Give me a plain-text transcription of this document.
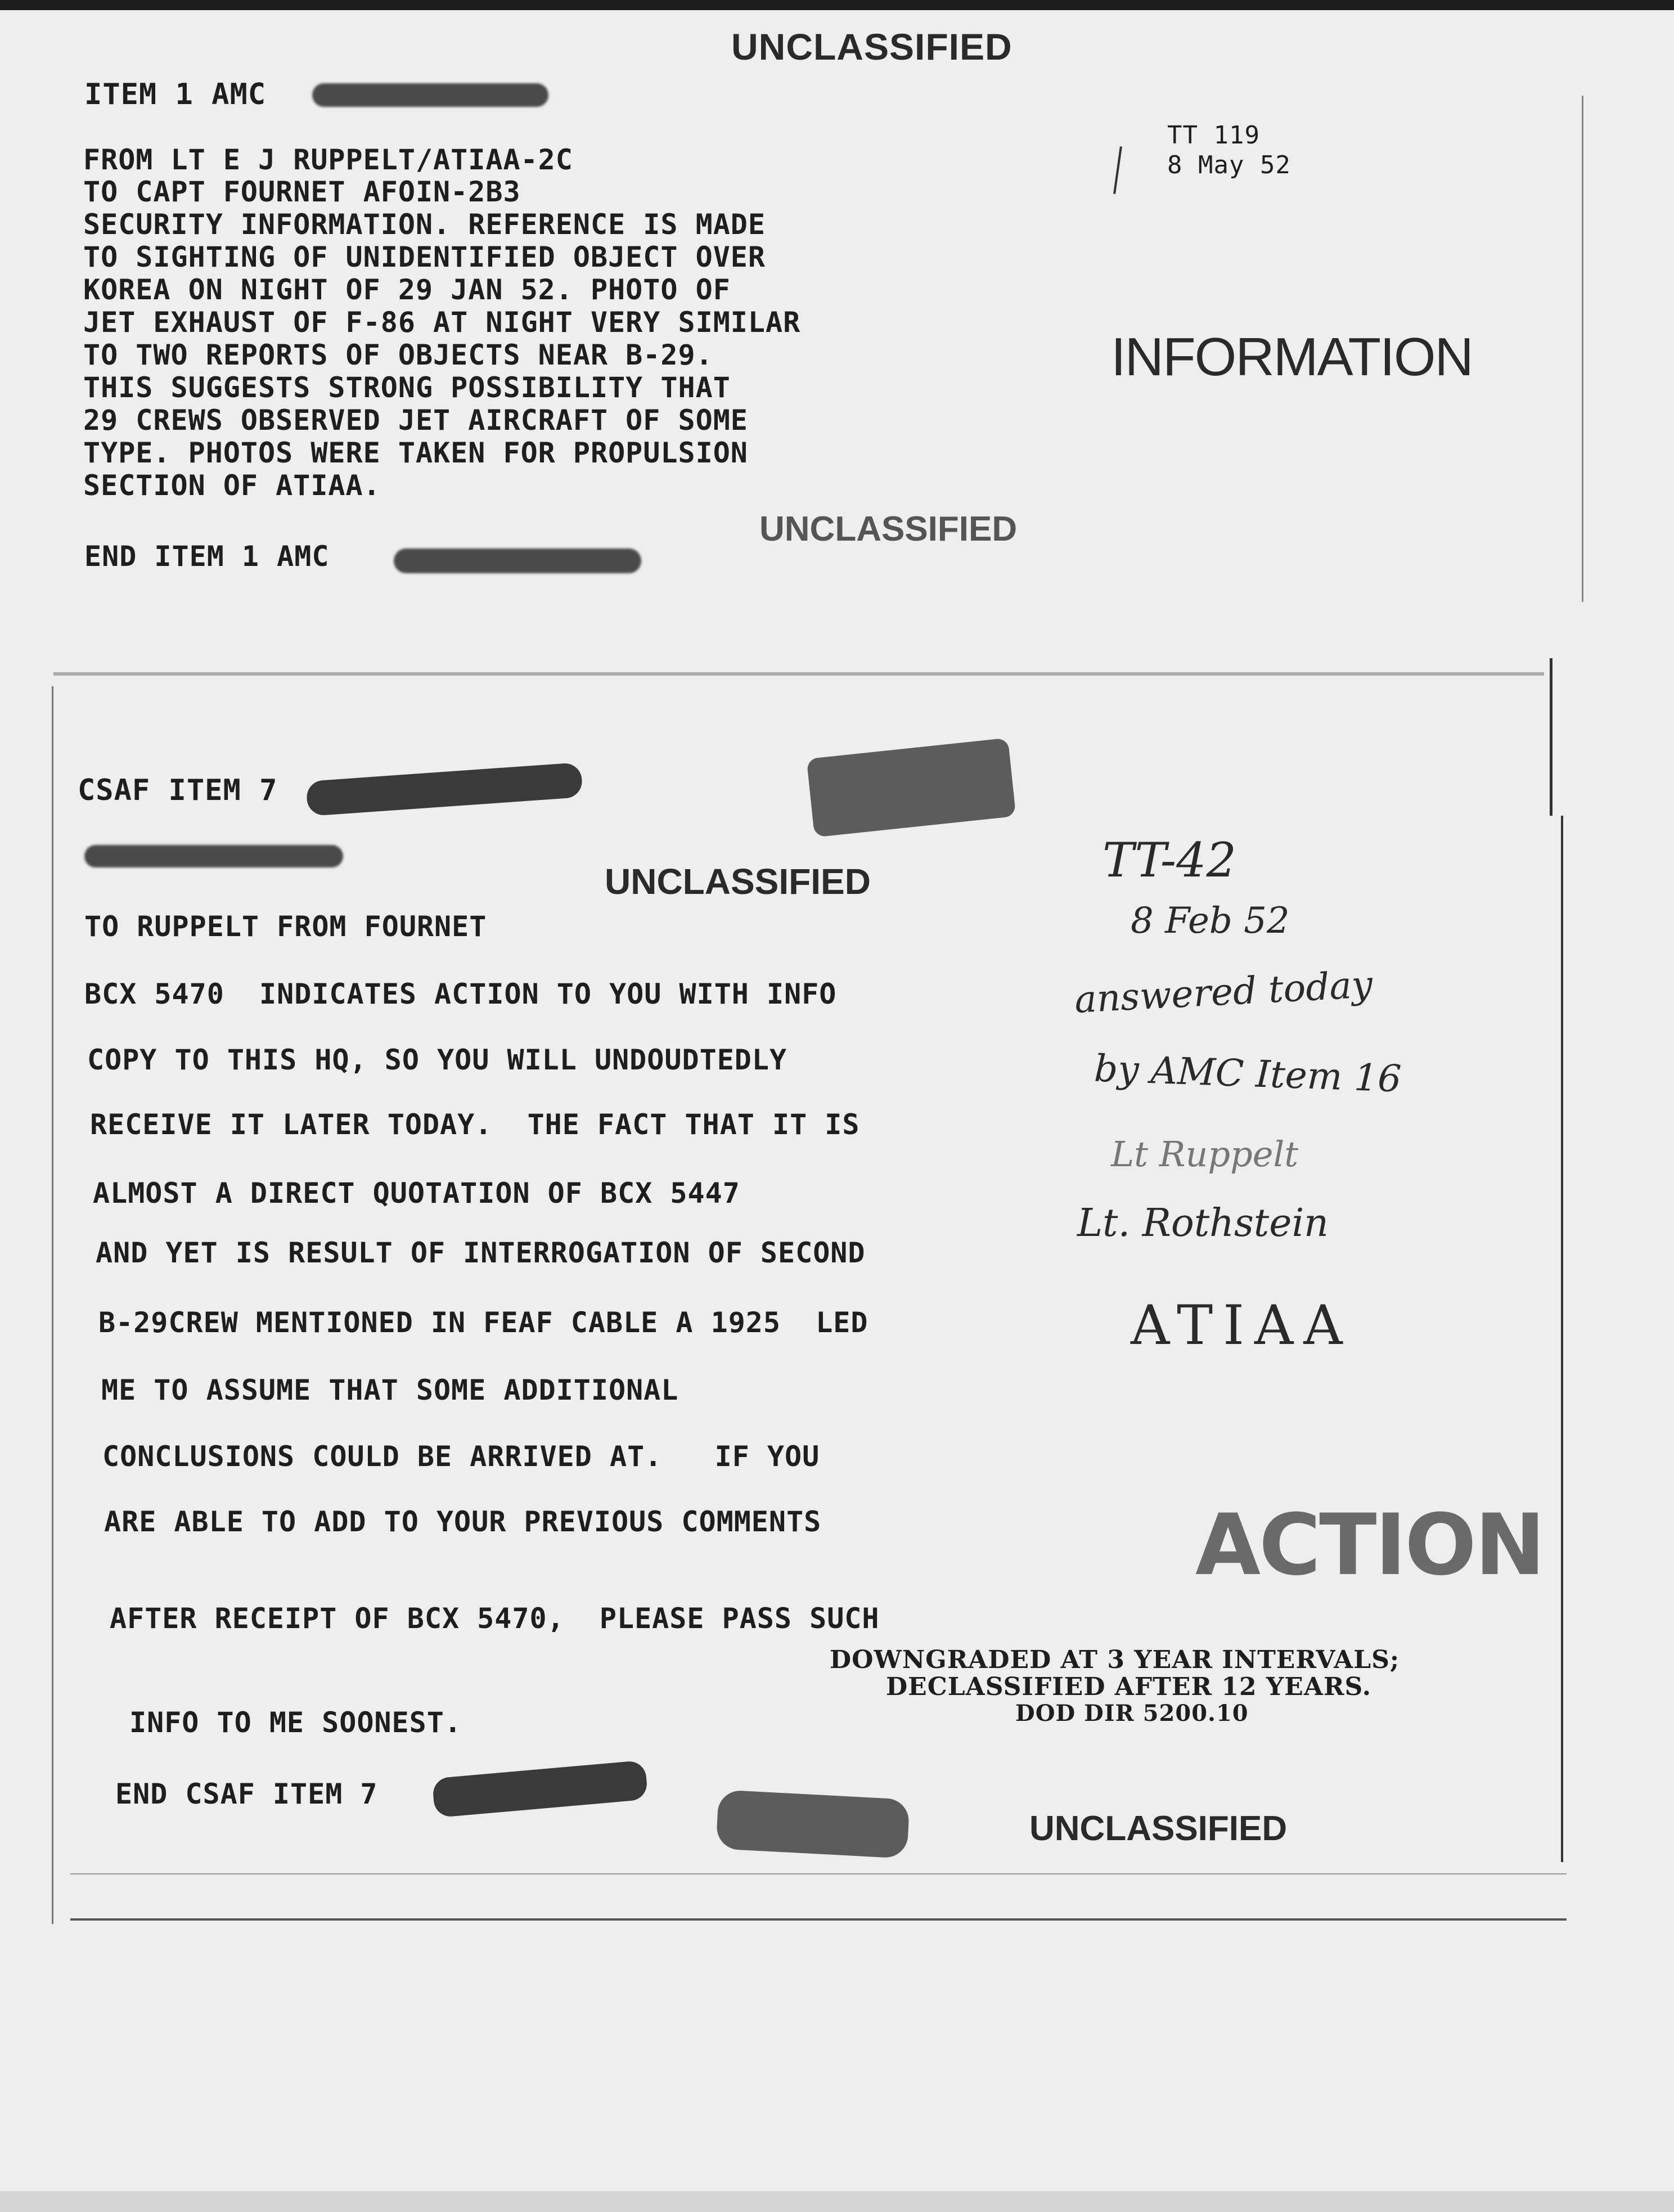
UNCLASSIFIED
ITEM 1 AMC
TT 119
8 May 52
FROM LT E J RUPPELT/ATIAA-2C
TO CAPT FOURNET AFOIN-2B3
SECURITY INFORMATION. REFERENCE IS MADE
TO SIGHTING OF UNIDENTIFIED OBJECT OVER
KOREA ON NIGHT OF 29 JAN 52. PHOTO OF
JET EXHAUST OF F-86 AT NIGHT VERY SIMILAR
TO TWO REPORTS OF OBJECTS NEAR B-29.
THIS SUGGESTS STRONG POSSIBILITY THAT
29 CREWS OBSERVED JET AIRCRAFT OF SOME
TYPE. PHOTOS WERE TAKEN FOR PROPULSION
SECTION OF ATIAA.
INFORMATION
UNCLASSIFIED
END ITEM 1 AMC
CSAF ITEM 7
UNCLASSIFIED
TO RUPPELT FROM FOURNET
BCX 5470  INDICATES ACTION TO YOU WITH INFO
COPY TO THIS HQ, SO YOU WILL UNDOUDTEDLY
RECEIVE IT LATER TODAY.  THE FACT THAT IT IS
ALMOST A DIRECT QUOTATION OF BCX 5447
AND YET IS RESULT OF INTERROGATION OF SECOND
B-29CREW MENTIONED IN FEAF CABLE A 1925  LED
ME TO ASSUME THAT SOME ADDITIONAL
CONCLUSIONS COULD BE ARRIVED AT.   IF YOU
ARE ABLE TO ADD TO YOUR PREVIOUS COMMENTS
AFTER RECEIPT OF BCX 5470,  PLEASE PASS SUCH
INFO TO ME SOONEST.
END CSAF ITEM 7
TT-42
8 Feb 52
answered today
by AMC Item 16
Lt Ruppelt
Lt. Rothstein
ATIAA
ACTION
DOWNGRADED AT 3 YEAR INTERVALS;
DECLASSIFIED AFTER 12 YEARS.
DOD DIR 5200.10
UNCLASSIFIED
